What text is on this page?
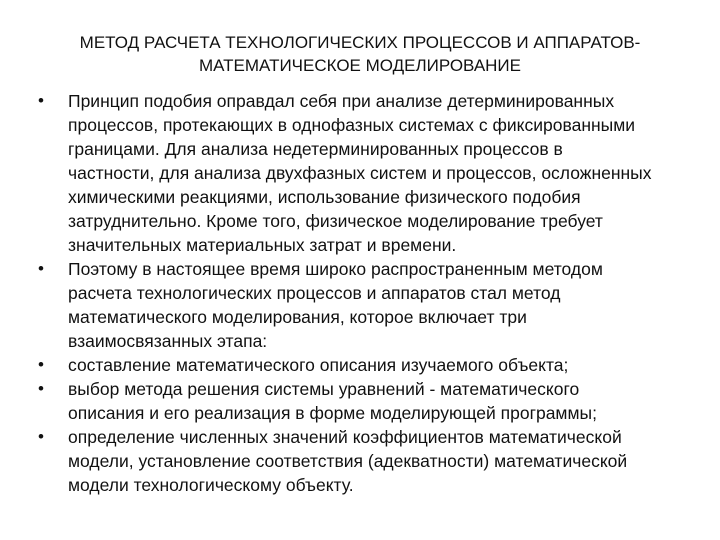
МЕТОД РАСЧЕТА ТЕХНОЛОГИЧЕСКИХ ПРОЦЕССОВ И АППАРАТОВ-
МАТЕМАТИЧЕСКОЕ МОДЕЛИРОВАНИЕ
•	Принцип подобия оправдал себя при анализе детерминированных
процессов, протекающих в однофазных системах с фиксированными
границами. Для анализа недетерминированных процессов в
частности, для анализа двухфазных систем и процессов, осложненных
химическими реакциями, использование физического подобия
затруднительно. Кроме того, физическое моделирование требует
значительных материальных затрат и времени.
•	Поэтому в настоящее время широко распространенным методом
расчета технологических процессов и аппаратов стал метод
математического моделирования, которое включает три
взаимосвязанных этапа:
•	составление математического описания изучаемого объекта;
•	выбор метода решения системы уравнений - математического
описания и его реализация в форме моделирующей программы;
•	определение численных значений коэффициентов математической
модели, установление соответствия (адекватности) математической
модели технологическому объекту.
